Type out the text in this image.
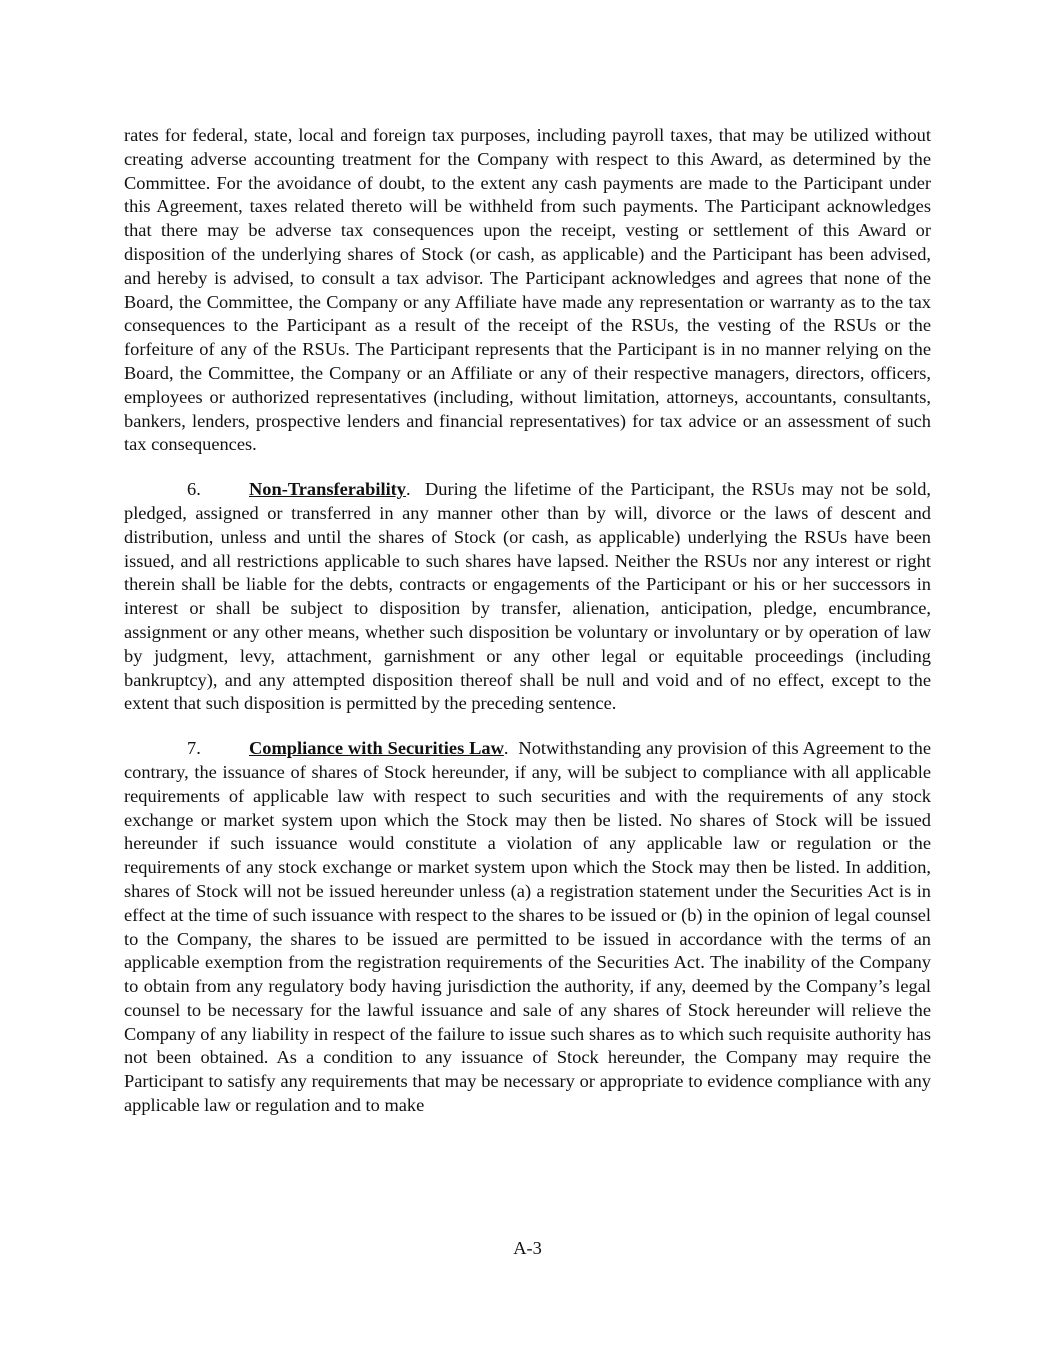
rates for federal, state, local and foreign tax purposes, including payroll taxes, that may be utilized without creating adverse accounting treatment for the Company with respect to this Award, as determined by the Committee. For the avoidance of doubt, to the extent any cash payments are made to the Participant under this Agreement, taxes related thereto will be withheld from such payments. The Participant acknowledges that there may be adverse tax consequences upon the receipt, vesting or settlement of this Award or disposition of the underlying shares of Stock (or cash, as applicable) and the Participant has been advised, and hereby is advised, to consult a tax advisor. The Participant acknowledges and agrees that none of the Board, the Committee, the Company or any Affiliate have made any representation or warranty as to the tax consequences to the Participant as a result of the receipt of the RSUs, the vesting of the RSUs or the forfeiture of any of the RSUs. The Participant represents that the Participant is in no manner relying on the Board, the Committee, the Company or an Affiliate or any of their respective managers, directors, officers, employees or authorized representatives (including, without limitation, attorneys, accountants, consultants, bankers, lenders, prospective lenders and financial representatives) for tax advice or an assessment of such tax consequences.

6.	Non-Transferability. During the lifetime of the Participant, the RSUs may not be sold, pledged, assigned or transferred in any manner other than by will, divorce or the laws of descent and distribution, unless and until the shares of Stock (or cash, as applicable) underlying the RSUs have been issued, and all restrictions applicable to such shares have lapsed. Neither the RSUs nor any interest or right therein shall be liable for the debts, contracts or engagements of the Participant or his or her successors in interest or shall be subject to disposition by transfer, alienation, anticipation, pledge, encumbrance, assignment or any other means, whether such disposition be voluntary or involuntary or by operation of law by judgment, levy, attachment, garnishment or any other legal or equitable proceedings (including bankruptcy), and any attempted disposition thereof shall be null and void and of no effect, except to the extent that such disposition is permitted by the preceding sentence.

7.	Compliance with Securities Law. Notwithstanding any provision of this Agreement to the contrary, the issuance of shares of Stock hereunder, if any, will be subject to compliance with all applicable requirements of applicable law with respect to such securities and with the requirements of any stock exchange or market system upon which the Stock may then be listed. No shares of Stock will be issued hereunder if such issuance would constitute a violation of any applicable law or regulation or the requirements of any stock exchange or market system upon which the Stock may then be listed. In addition, shares of Stock will not be issued hereunder unless (a) a registration statement under the Securities Act is in effect at the time of such issuance with respect to the shares to be issued or (b) in the opinion of legal counsel to the Company, the shares to be issued are permitted to be issued in accordance with the terms of an applicable exemption from the registration requirements of the Securities Act. The inability of the Company to obtain from any regulatory body having jurisdiction the authority, if any, deemed by the Company’s legal counsel to be necessary for the lawful issuance and sale of any shares of Stock hereunder will relieve the Company of any liability in respect of the failure to issue such shares as to which such requisite authority has not been obtained. As a condition to any issuance of Stock hereunder, the Company may require the Participant to satisfy any requirements that may be necessary or appropriate to evidence compliance with any applicable law or regulation and to make

A-3
